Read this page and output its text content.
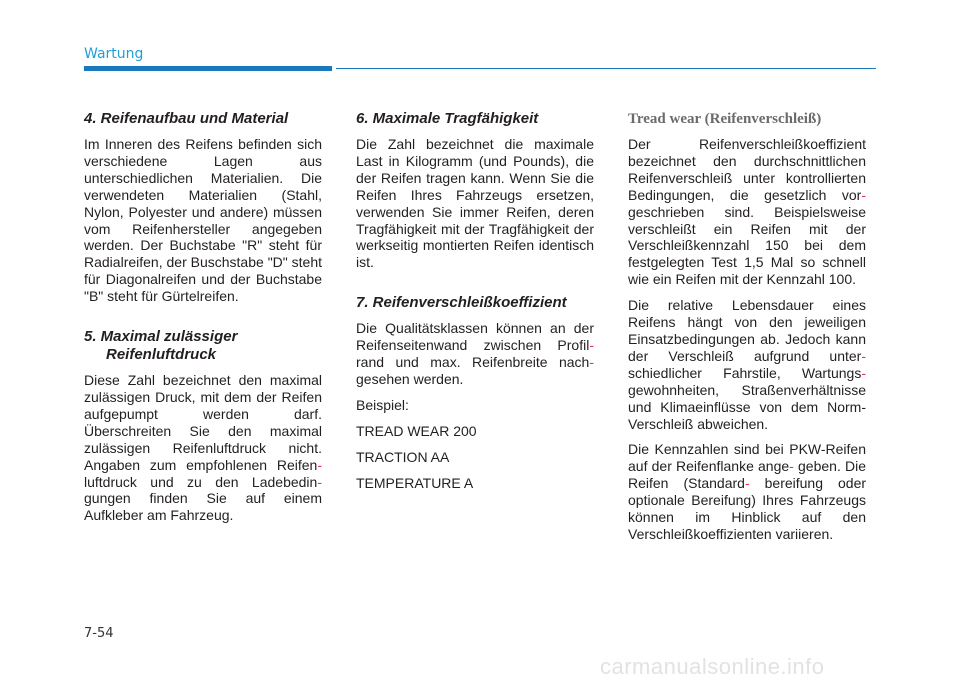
Wartung
4. Reifenaufbau und Material
Im Inneren des Reifens befinden sich verschiedene Lagen aus unterschiedlichen Materialien. Die verwendeten Materialien (Stahl, Nylon, Polyester und andere) müssen vom Reifenhersteller angegeben werden. Der Buchstabe "R" steht für Radialreifen, der Buschstabe "D" steht für Diagonalreifen und der Buchstabe "B" steht für Gürtelreifen.
5. Maximal zulässiger
Reifenluftdruck
Diese Zahl bezeichnet den maximal zulässigen Druck, mit dem der Reifen aufgepumpt werden darf. Überschreiten Sie den maximal zulässigen Reifenluftdruck nicht. Angaben zum empfohlenen Reifen- luftdruck und zu den Ladebedin- gungen finden Sie auf einem Aufkleber am Fahrzeug.
6. Maximale Tragfähigkeit
Die Zahl bezeichnet die maximale Last in Kilogramm (und Pounds), die der Reifen tragen kann. Wenn Sie die Reifen Ihres Fahrzeugs ersetzen, verwenden Sie immer Reifen, deren Tragfähigkeit mit der Tragfähigkeit der werkseitig montierten Reifen identisch ist.
7. Reifenverschleißkoeffizient
Die Qualitätsklassen können an der Reifenseitenwand zwischen Profil- rand und max. Reifenbreite nach- gesehen werden.
Beispiel:
TREAD WEAR 200
TRACTION AA
TEMPERATURE A
Tread wear (Reifenverschleiß)
Der Reifenverschleißkoeffizient bezeichnet den durchschnittlichen Reifenverschleiß unter kontrollierten Bedingungen, die gesetzlich vor- geschrieben sind. Beispielsweise verschleißt ein Reifen mit der Verschleißkennzahl 150 bei dem festgelegten Test 1,5 Mal so schnell wie ein Reifen mit der Kennzahl 100.
Die relative Lebensdauer eines Reifens hängt von den jeweiligen Einsatzbedingungen ab. Jedoch kann der Verschleiß aufgrund unter- schiedlicher Fahrstile, Wartungs- gewohnheiten, Straßenverhältnisse und Klimaeinflüsse von dem Norm-Verschleiß abweichen.
Die Kennzahlen sind bei PKW-Reifen auf der Reifenflanke ange- geben. Die Reifen (Standard- bereifung oder optionale Bereifung) Ihres Fahrzeugs können im Hinblick auf den Verschleißkoeffizienten variieren.
7-54
carmanualsonline.info
